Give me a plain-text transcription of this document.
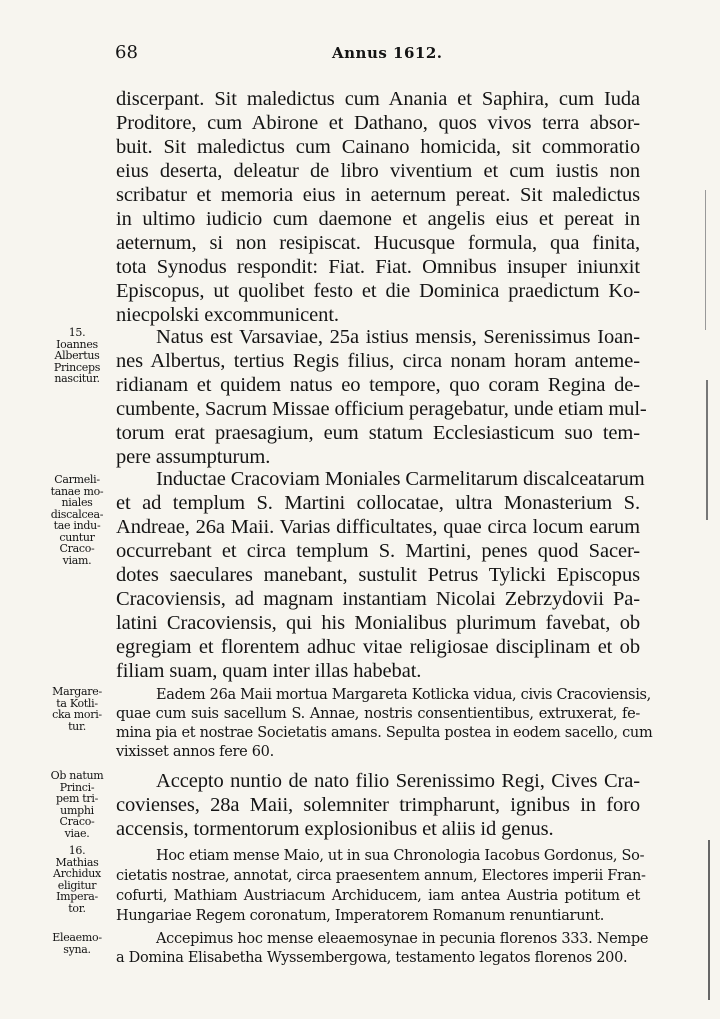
68	Annus 1612.
discerpant. Sit maledictus cum Anania et Saphira, cum Iuda
Proditore, cum Abirone et Dathano, quos vivos terra absor-
buit. Sit maledictus cum Cainano homicida, sit commoratio
eius deserta, deleatur de libro viventium et cum iustis non
scribatur et memoria eius in aeternum pereat. Sit maledictus
in ultimo iudicio cum daemone et angelis eius et pereat in
aeternum, si non resipiscat. Hucusque formula, qua finita,
tota Synodus respondit: Fiat. Fiat. Omnibus insuper iniunxit
Episcopus, ut quolibet festo et die Dominica praedictum Ko-
niecpolski excommunicent.
15.
Ioannes
Albertus
Princeps
nascitur.
Natus est Varsaviae, 25a istius mensis, Serenissimus Ioan-
nes Albertus, tertius Regis filius, circa nonam horam anteme-
ridianam et quidem natus eo tempore, quo coram Regina de-
cumbente, Sacrum Missae officium peragebatur, unde etiam mul-
torum erat praesagium, eum statum Ecclesiasticum suo tem-
pere assumpturum.
Carmeli-
tanae mo-
niales
discalcea-
tae indu-
cuntur
Craco-
viam.
Inductae Cracoviam Moniales Carmelitarum discalceatarum
et ad templum S. Martini collocatae, ultra Monasterium S.
Andreae, 26a Maii. Varias difficultates, quae circa locum earum
occurrebant et circa templum S. Martini, penes quod Sacer-
dotes saeculares manebant, sustulit Petrus Tylicki Episcopus
Cracoviensis, ad magnam instantiam Nicolai Zebrzydovii Pa-
latini Cracoviensis, qui his Monialibus plurimum favebat, ob
egregiam et florentem adhuc vitae religiosae disciplinam et ob
filiam suam, quam inter illas habebat.
Margare-
ta Kotli-
cka mori-
tur.
Eadem 26a Maii mortua Margareta Kotlicka vidua, civis Cracoviensis,
quae cum suis sacellum S. Annae, nostris consentientibus, extruxerat, fe-
mina pia et nostrae Societatis amans. Sepulta postea in eodem sacello, cum
vixisset annos fere 60.
Ob natum
Princi-
pem tri-
umphi
Craco-
viae.
Accepto nuntio de nato filio Serenissimo Regi, Cives Cra-
covienses, 28a Maii, solemniter trimpharunt, ignibus in foro
accensis, tormentorum explosionibus et aliis id genus.
16.
Mathias
Archidux
eligitur
Impera-
tor.
Hoc etiam mense Maio, ut in sua Chronologia Iacobus Gordonus, So-
cietatis nostrae, annotat, circa praesentem annum, Electores imperii Fran-
cofurti, Mathiam Austriacum Archiducem, iam antea Austria potitum et
Hungariae Regem coronatum, Imperatorem Romanum renuntiarunt.
Eleaemo-
syna.
Accepimus hoc mense eleaemosynae in pecunia florenos 333. Nempe
a Domina Elisabetha Wyssembergowa, testamento legatos florenos 200.
